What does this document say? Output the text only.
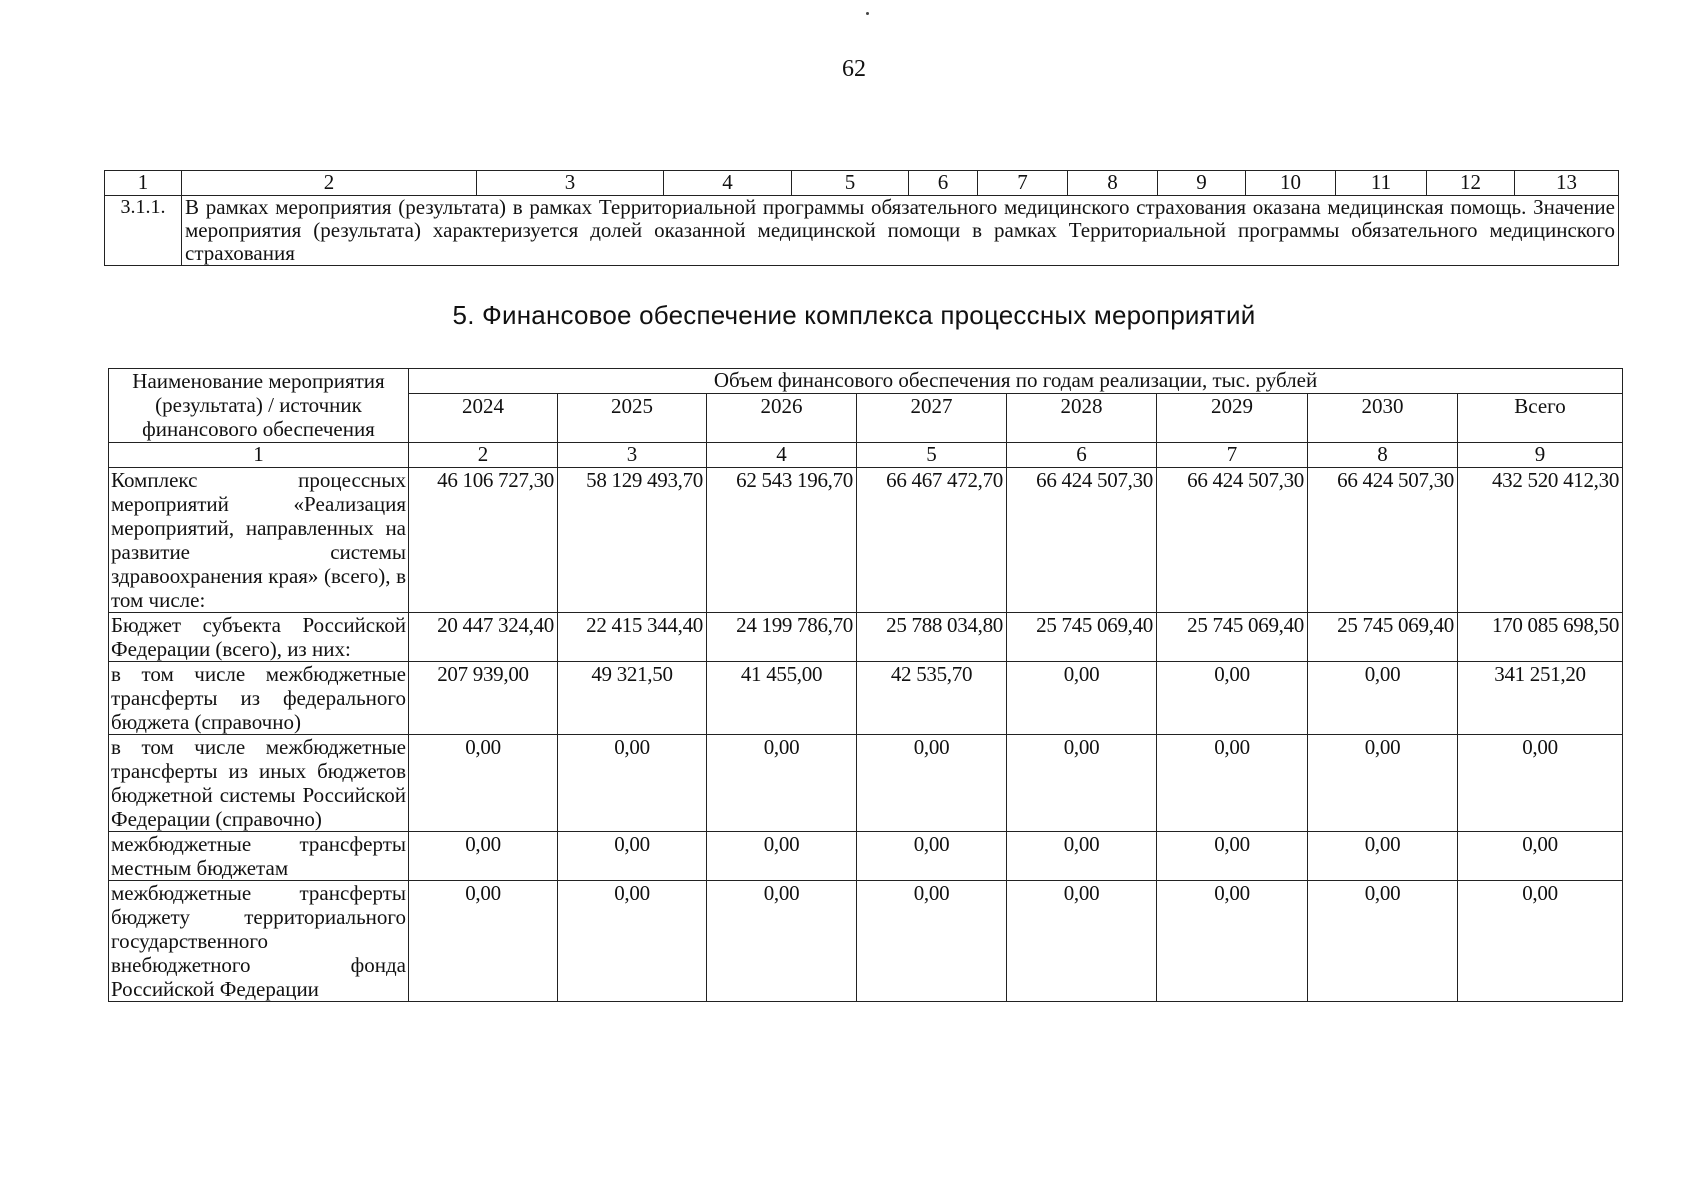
62
1	2	3	4	5	6	7	8	9	10	11	12	13
3.1.1.	В рамках мероприятия (результата) в рамках Территориальной программы обязательного медицинского страхования оказана медицинская помощь. Значение мероприятия (результата) характеризуется долей оказанной медицинской помощи в рамках Территориальной программы обязательного медицинского страхования											
5. Финансовое обеспечение комплекса процессных мероприятий
Наименование мероприятия (результата) / источник финансового обеспечения	Объем финансового обеспечения по годам реализации, тыс. рублей							
	2024	2025	2026	2027	2028	2029	2030	Всего
1	2	3	4	5	6	7	8	9
Комплекс процессных мероприятий «Реализация мероприятий, направленных на развитие системы здравоохранения края» (всего), в том числе:	46 106 727,30	58 129 493,70	62 543 196,70	66 467 472,70	66 424 507,30	66 424 507,30	66 424 507,30	432 520 412,30
Бюджет субъекта Российской Федерации (всего), из них:	20 447 324,40	22 415 344,40	24 199 786,70	25 788 034,80	25 745 069,40	25 745 069,40	25 745 069,40	170 085 698,50
в том числе межбюджетные трансферты из федерального бюджета (справочно)	207 939,00	49 321,50	41 455,00	42 535,70	0,00	0,00	0,00	341 251,20
в том числе межбюджетные трансферты из иных бюджетов бюджетной системы Российской Федерации (справочно)	0,00	0,00	0,00	0,00	0,00	0,00	0,00	0,00
межбюджетные трансферты местным бюджетам	0,00	0,00	0,00	0,00	0,00	0,00	0,00	0,00
межбюджетные трансферты бюджету территориального государственного внебюджетного фонда Российской Федерации	0,00	0,00	0,00	0,00	0,00	0,00	0,00	0,00
